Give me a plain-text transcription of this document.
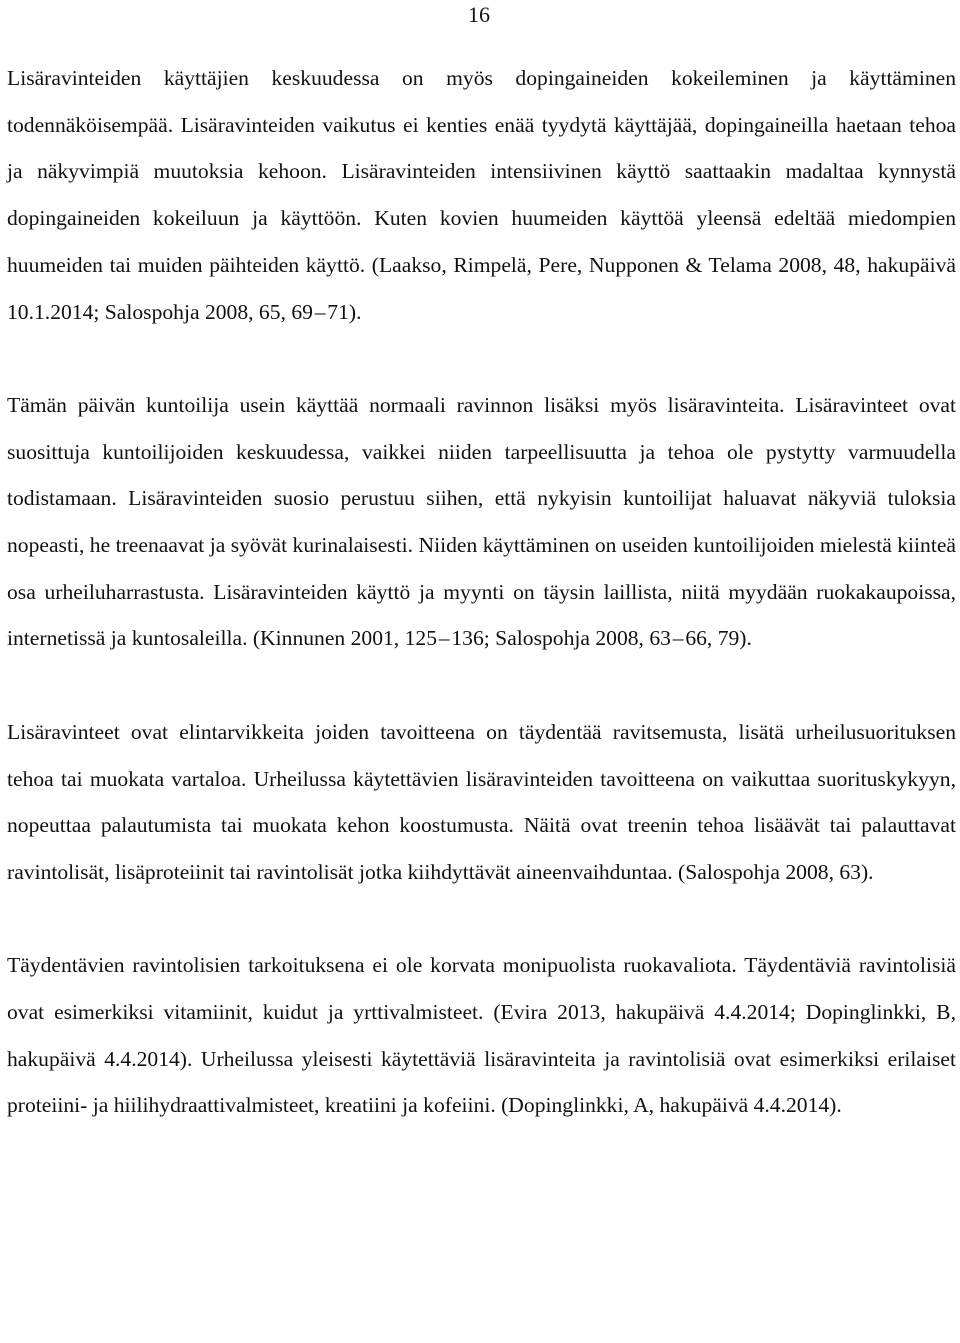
16

Lisäravinteiden käyttäjien keskuudessa on myös dopingaineiden kokeileminen ja käyttäminen todennäköisempää. Lisäravinteiden vaikutus ei kenties enää tyydytä käyttäjää, dopingaineilla haetaan tehoa ja näkyvimpiä muutoksia kehoon. Lisäravinteiden intensiivinen käyttö saattaakin madaltaa kynnystä dopingaineiden kokeiluun ja käyttöön. Kuten kovien huumeiden käyttöä yleensä edeltää miedompien huumeiden tai muiden päihteiden käyttö. (Laakso, Rimpelä, Pere, Nupponen & Telama 2008, 48, hakupäivä 10.1.2014; Salospohja 2008, 65, 69 – 71).

Tämän päivän kuntoilija usein käyttää normaali ravinnon lisäksi myös lisäravinteita. Lisäravinteet ovat suosittuja kuntoilijoiden keskuudessa, vaikkei niiden tarpeellisuutta ja tehoa ole pystytty varmuudella todistamaan. Lisäravinteiden suosio perustuu siihen, että nykyisin kuntoilijat haluavat näkyviä tuloksia nopeasti, he treenaavat ja syövät kurinalaisesti. Niiden käyttäminen on useiden kuntoilijoiden mielestä kiinteä osa urheiluharrastusta. Lisäravinteiden käyttö ja myynti on täysin laillista, niitä myydään ruokakaupoissa, internetissä ja kuntosaleilla. (Kinnunen 2001, 125 – 136; Salospohja 2008, 63 – 66, 79).

Lisäravinteet ovat elintarvikkeita joiden tavoitteena on täydentää ravitsemusta, lisätä urheilusuorituksen tehoa tai muokata vartaloa. Urheilussa käytettävien lisäravinteiden tavoitteena on vaikuttaa suorituskykyyn, nopeuttaa palautumista tai muokata kehon koostumusta. Näitä ovat treenin tehoa lisäävät tai palauttavat ravintolisät, lisäproteiinit tai ravintolisät jotka kiihdyttävät aineenvaihduntaa. (Salospohja 2008, 63).

Täydentävien ravintolisien tarkoituksena ei ole korvata monipuolista ruokavaliota. Täydentäviä ravintolisiä ovat esimerkiksi vitamiinit, kuidut ja yrttivalmisteet. (Evira 2013, hakupäivä 4.4.2014; Dopinglinkki, B, hakupäivä 4.4.2014). Urheilussa yleisesti käytettäviä lisäravinteita ja ravintolisiä ovat esimerkiksi erilaiset proteiini- ja hiilihydraattivalmisteet, kreatiini ja kofeiini. (Dopinglinkki, A, hakupäivä 4.4.2014).
